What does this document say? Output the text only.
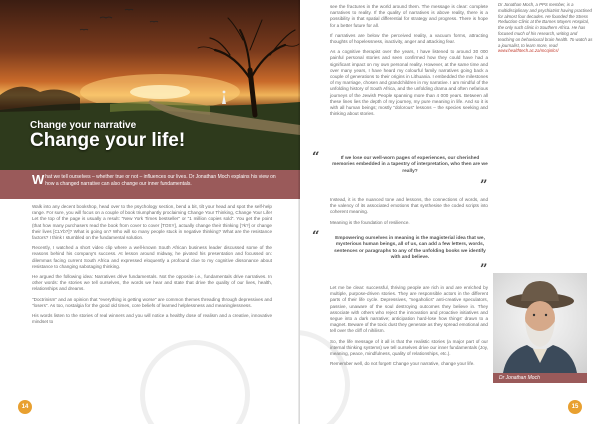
Change your narrative
Change your life!
What we tell ourselves – whether true or not – influences our lives. Dr Jonathan Moch explains his view on how a changed narrative can also change our inner fundamentals.

Walk into any decent bookshop, head over to the psychology section, bend a bit, tilt your head and spot the self-help range. For sure, you will focus on a couple of book triumphantly proclaiming Change Your Thinking, Change Your Life! Let the top of the page is usually a result: "New York Times bestseller" or "1 million copies sold". You get the point (that how many purchasers read the book from cover to cover [TOSY], actually change their thinking [?k?] or change their lives [CLYb?]? What is going on? Who will so many people stuck in negative thinking? What are the resistance factors? I think I stumbled on the fundamental solution.

Recently, I watched a short video clip where a well-known South African business leader discussed some of the reasons behind his company's success. At lesson around midway, he pivoted his presentation and focussed on: dilemmas facing current South Africa and expressed eloquently a profound clue to my cognitive dissonance about resistance to changing sabotaging thinking.

He argued the following idea: Narratives drive fundamentals. Not the opposite i.e., fundamentals drive narratives. In other words: the stories we tell ourselves, the words we hear and state that drive the quality of our lives, health, relationships and dreams.

"Doctrinism" and an opinion that "everything is getting worse" are common themes threading through depressives and "losers". As too, nostalgia for the good old times, core beliefs of learned helplessness and meaninglessness.

His words listen to the stories of real winners and you will notice a healthy dose of realism and a creative, innovative mindset to

14

see the fractures in the world around them. The message is clear: complete narratives to reality. If the quality of narratives is above reality, there is a possibility in that spatial differential for strategy and progress. There is hope for a better future for all.

If narratives are below the perceived reality, a vacuum forms, attracting thoughts of hopelessness, inactivity, anger and attacking fear.

As a cognitive therapist over the years, I have listened to around 30 000 painful personal stories and seen confirmed how they could have had a significant impact on my own personal reality. However, at the same time and over many years, I have heard my colourful family narratives going back a couple of generations to their origins in Lithuania. I embedded the milestones of my marriage, chosen and grandchildren in my narrative. I am mindful of the unfolding history of South Africa, and the unfolding drama and often nefarious journeys of the Jewish People spanning more than 4 000 years. Between all these lines lies the depth of my journey, my pure meaning in life. And so it is with all human beings; mostly "dolorous" lessons – the species seeking and thinking about stories.

“	If we lose our well-worn pages of experiences, our cherished memories embedded in a tapestry of interpretation, who then are we really?
”

Instead, it is the nuanced tone and lessons, the connections of words, and the valency of its associated emotions that synthesise the coded scripts into coherent meaning.

Meaning is the foundation of resilience.

“	Empowering ourselves in meaning is the magisterial idea that we, mysterious human beings, all of us, can add a few letters, words, sentences or paragraphs to any of the unfolding books we identify with and believe.
”

Let me be clear: successful, thriving people are rich in and are enriched by multiple, purpose-driven stories. They are responsible actors in the different parts of their life cycle. Depressives, "negaholics" anti-creative speculators, passive, unaware of the soul destroying outcomes they believe in. They associate with others who reject the innovation and proactive initiatives and segue into a dark narrative; anticipation hard-lose how things' drawn to a magnet. Beware of the toxic dust they generate as they spread emotional and tell over the cliff of nihilism.

So, the life message of it all is that the realistic stories (a major part of our internal thinking systems) we tell ourselves drive our inner fundamentals (Joy, meaning, peace, mindfulness, quality of relationships, etc.).

Remember well, do not forget! Change your narrative, change your life.

Dr Jonathan Moch, a PPS member, is a multidisciplinary and psychiatrist having practised for almost four decades. He founded the Stress Reduction Clinic at the Barnes Mayers Hospital, the only such clinic in Southern Africa. He has focused much of his research, writing and teaching on behavioural brain health. To watch as a journalist, to learn more, read www.healthtech.ac.za/mcqinlcs/
Dr Jonathan Moch
15
